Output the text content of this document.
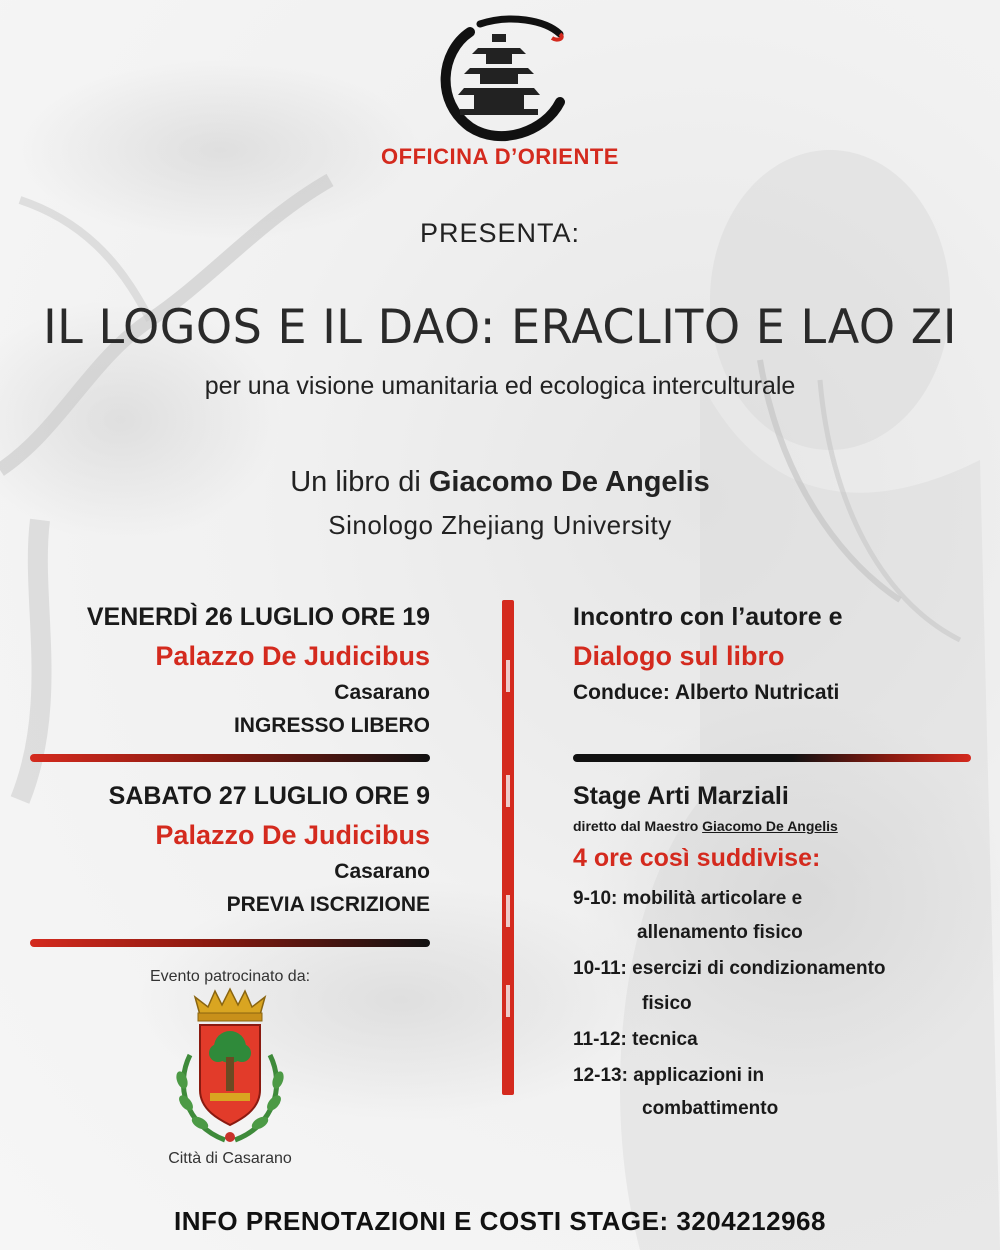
OFFICINA D’ORIENTE
PRESENTA:
IL LOGOS E IL DAO: ERACLITO E LAO ZI
per una visione umanitaria ed ecologica interculturale
Un libro di Giacomo De Angelis
Sinologo Zhejiang University
VENERDÌ 26 LUGLIO ORE 19
Palazzo De Judicibus
Casarano
INGRESSO LIBERO
Incontro con l’autore e
Dialogo sul libro
Conduce: Alberto Nutricati
SABATO 27 LUGLIO ORE 9
Palazzo De Judicibus
Casarano
PREVIA ISCRIZIONE
Stage Arti Marziali
diretto dal Maestro Giacomo De Angelis
4 ore così suddivise:
9-10: mobilità articolare e
allenamento fisico
10-11: esercizi di condizionamento
fisico
11-12: tecnica
12-13: applicazioni in
combattimento
Evento patrocinato da:
Città di Casarano
INFO PRENOTAZIONI E COSTI STAGE: 3204212968
